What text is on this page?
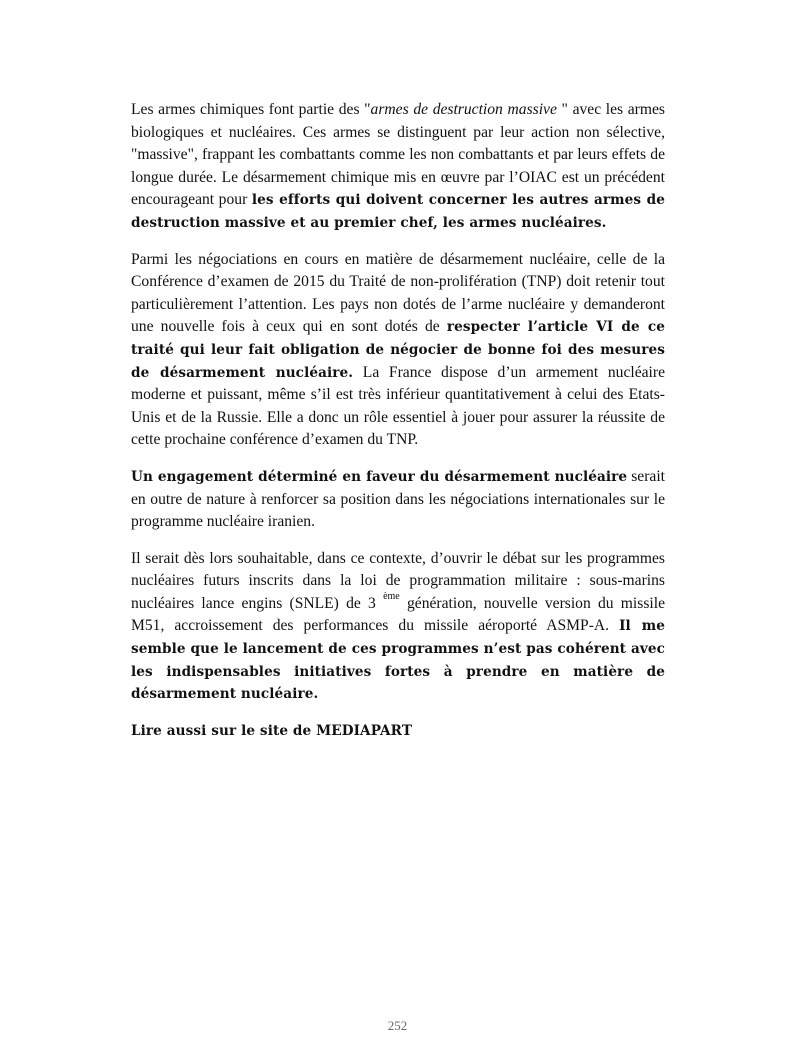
Les armes chimiques font partie des "armes de destruction massive " avec les armes biologiques et nucléaires. Ces armes se distinguent par leur action non sélective, "massive", frappant les combattants comme les non combattants et par leurs effets de longue durée. Le désarmement chimique mis en œuvre par l’OIAC est un précédent encourageant pour les efforts qui doivent concerner les autres armes de destruction massive et au premier chef, les armes nucléaires.

Parmi les négociations en cours en matière de désarmement nucléaire, celle de la Conférence d’examen de 2015 du Traité de non-prolifération (TNP) doit retenir tout particulièrement l’attention. Les pays non dotés de l’arme nucléaire y demanderont une nouvelle fois à ceux qui en sont dotés de respecter l’article VI de ce traité qui leur fait obligation de négocier de bonne foi des mesures de désarmement nucléaire. La France dispose d’un armement nucléaire moderne et puissant, même s’il est très inférieur quantitativement à celui des Etats-Unis et de la Russie. Elle a donc un rôle essentiel à jouer pour assurer la réussite de cette prochaine conférence d’examen du TNP.

Un engagement déterminé en faveur du désarmement nucléaire serait en outre de nature à renforcer sa position dans les négociations internationales sur le programme nucléaire iranien.

Il serait dès lors souhaitable, dans ce contexte, d’ouvrir le débat sur les programmes nucléaires futurs inscrits dans la loi de programmation militaire : sous-marins nucléaires lance engins (SNLE) de 3 $^{ème}$ génération, nouvelle version du missile M51, accroissement des performances du missile aéroporté ASMP-A. Il me semble que le lancement de ces programmes n’est pas cohérent avec les indispensables initiatives fortes à prendre en matière de désarmement nucléaire.

Lire aussi sur le site de MEDIAPART

252
